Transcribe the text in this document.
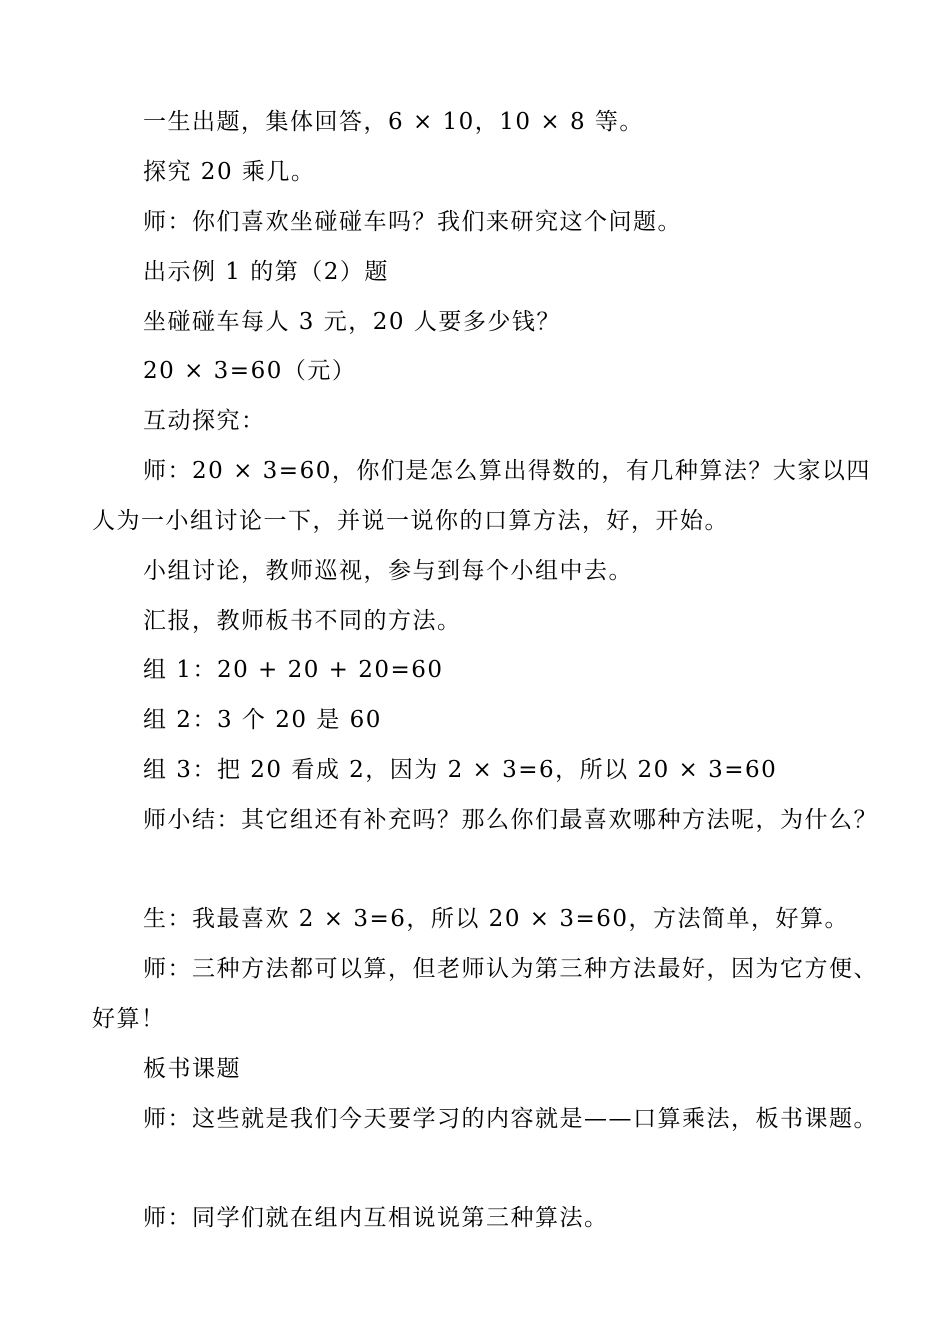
一生出题，集体回答，6 × 10，10 × 8 等。

探究 20 乘几。

师：你们喜欢坐碰碰车吗？我们来研究这个问题。

出示例 1 的第（2）题

坐碰碰车每人 3 元，20 人要多少钱？

20 × 3=60（元）

互动探究：

师：20 × 3=60，你们是怎么算出得数的，有几种算法？大家以四人为一小组讨论一下，并说一说你的口算方法，好，开始。

小组讨论，教师巡视，参与到每个小组中去。

汇报，教师板书不同的方法。

组 1：20 + 20 + 20=60

组 2：3 个 20 是 60

组 3：把 20 看成 2，因为 2 × 3=6，所以 20 × 3=60

师小结：其它组还有补充吗？那么你们最喜欢哪种方法呢，为什么？

生：我最喜欢 2 × 3=6，所以 20 × 3=60，方法简单，好算。

师：三种方法都可以算，但老师认为第三种方法最好，因为它方便、好算！

板书课题

师：这些就是我们今天要学习的内容就是——口算乘法，板书课题。

师：同学们就在组内互相说说第三种算法。
